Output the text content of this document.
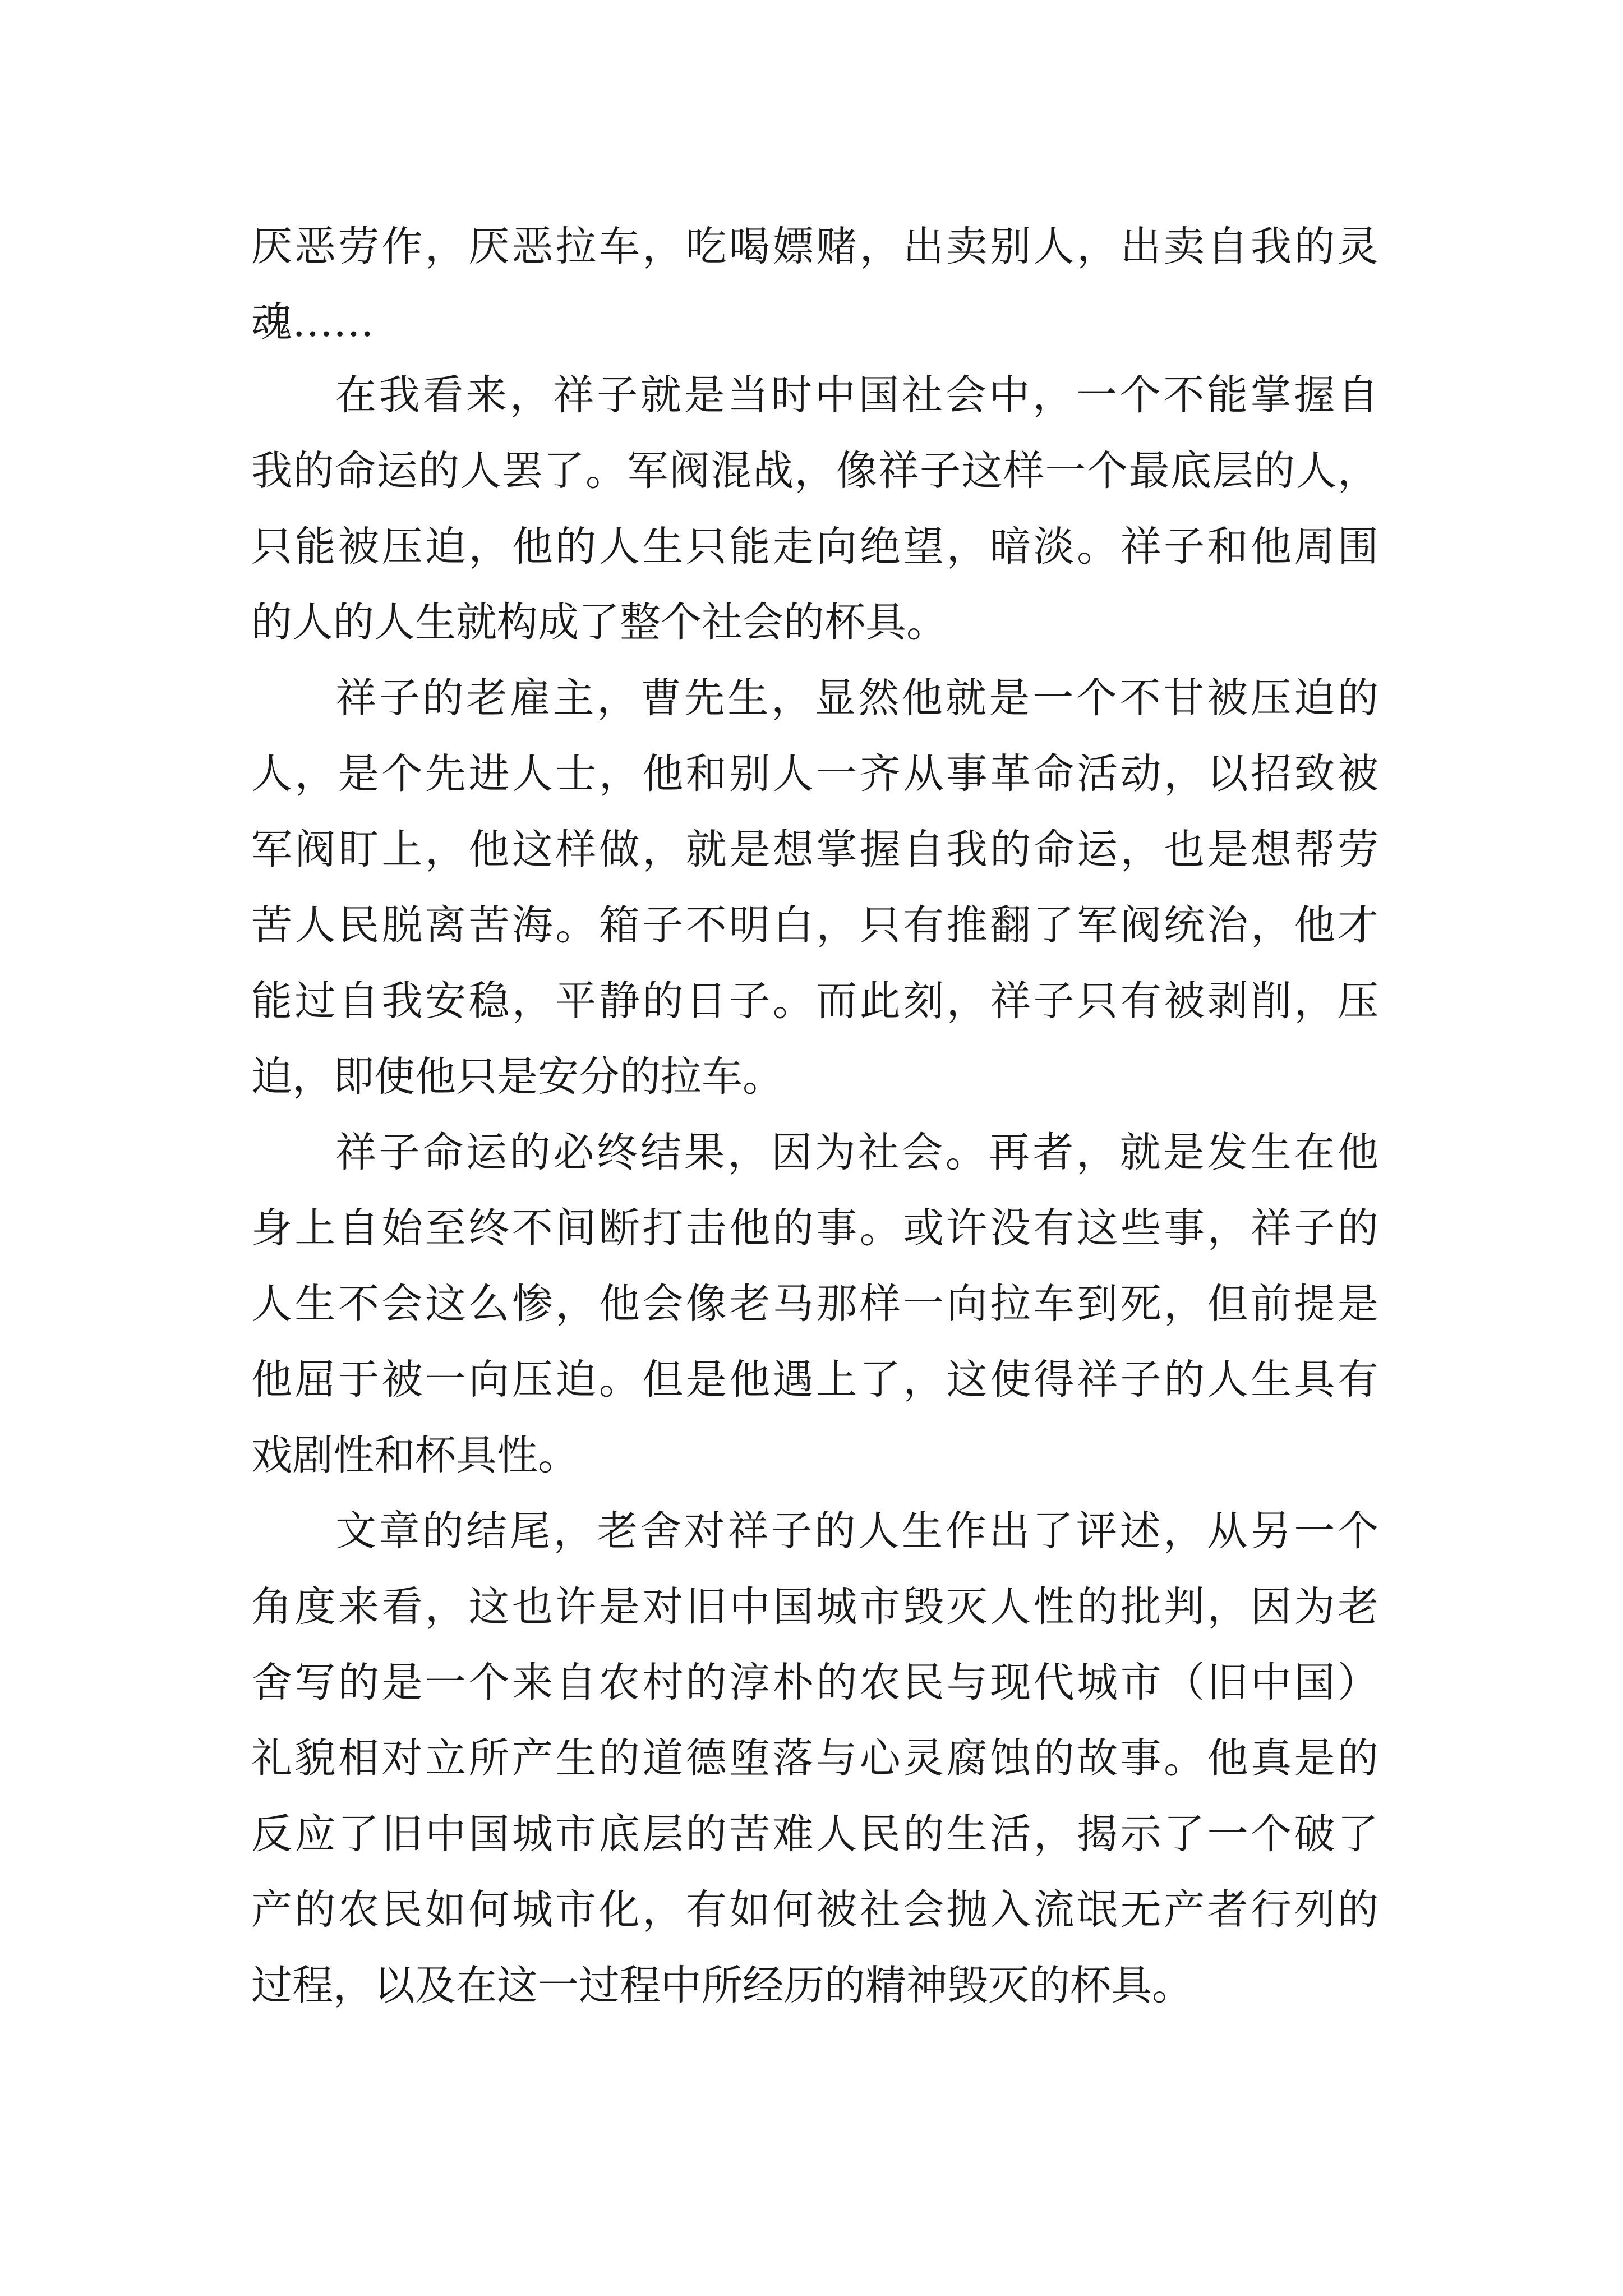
厌恶劳作，厌恶拉车，吃喝嫖赌，出卖别人，出卖自我的灵

魂……

在我看来，祥子就是当时中国社会中，一个不能掌握自

我的命运的人罢了。军阀混战，像祥子这样一个最底层的人，

只能被压迫，他的人生只能走向绝望，暗淡。祥子和他周围

的人的人生就构成了整个社会的杯具。

祥子的老雇主，曹先生，显然他就是一个不甘被压迫的

人，是个先进人士，他和别人一齐从事革命活动，以招致被

军阀盯上，他这样做，就是想掌握自我的命运，也是想帮劳

苦人民脱离苦海。箱子不明白，只有推翻了军阀统治，他才

能过自我安稳，平静的日子。而此刻，祥子只有被剥削，压

迫，即使他只是安分的拉车。

祥子命运的必终结果，因为社会。再者，就是发生在他

身上自始至终不间断打击他的事。或许没有这些事，祥子的

人生不会这么惨，他会像老马那样一向拉车到死，但前提是

他屈于被一向压迫。但是他遇上了，这使得祥子的人生具有

戏剧性和杯具性。

文章的结尾，老舍对祥子的人生作出了评述，从另一个

角度来看，这也许是对旧中国城市毁灭人性的批判，因为老

舍写的是一个来自农村的淳朴的农民与现代城市（旧中国）

礼貌相对立所产生的道德堕落与心灵腐蚀的故事。他真是的

反应了旧中国城市底层的苦难人民的生活，揭示了一个破了

产的农民如何城市化，有如何被社会抛入流氓无产者行列的

过程，以及在这一过程中所经历的精神毁灭的杯具。
